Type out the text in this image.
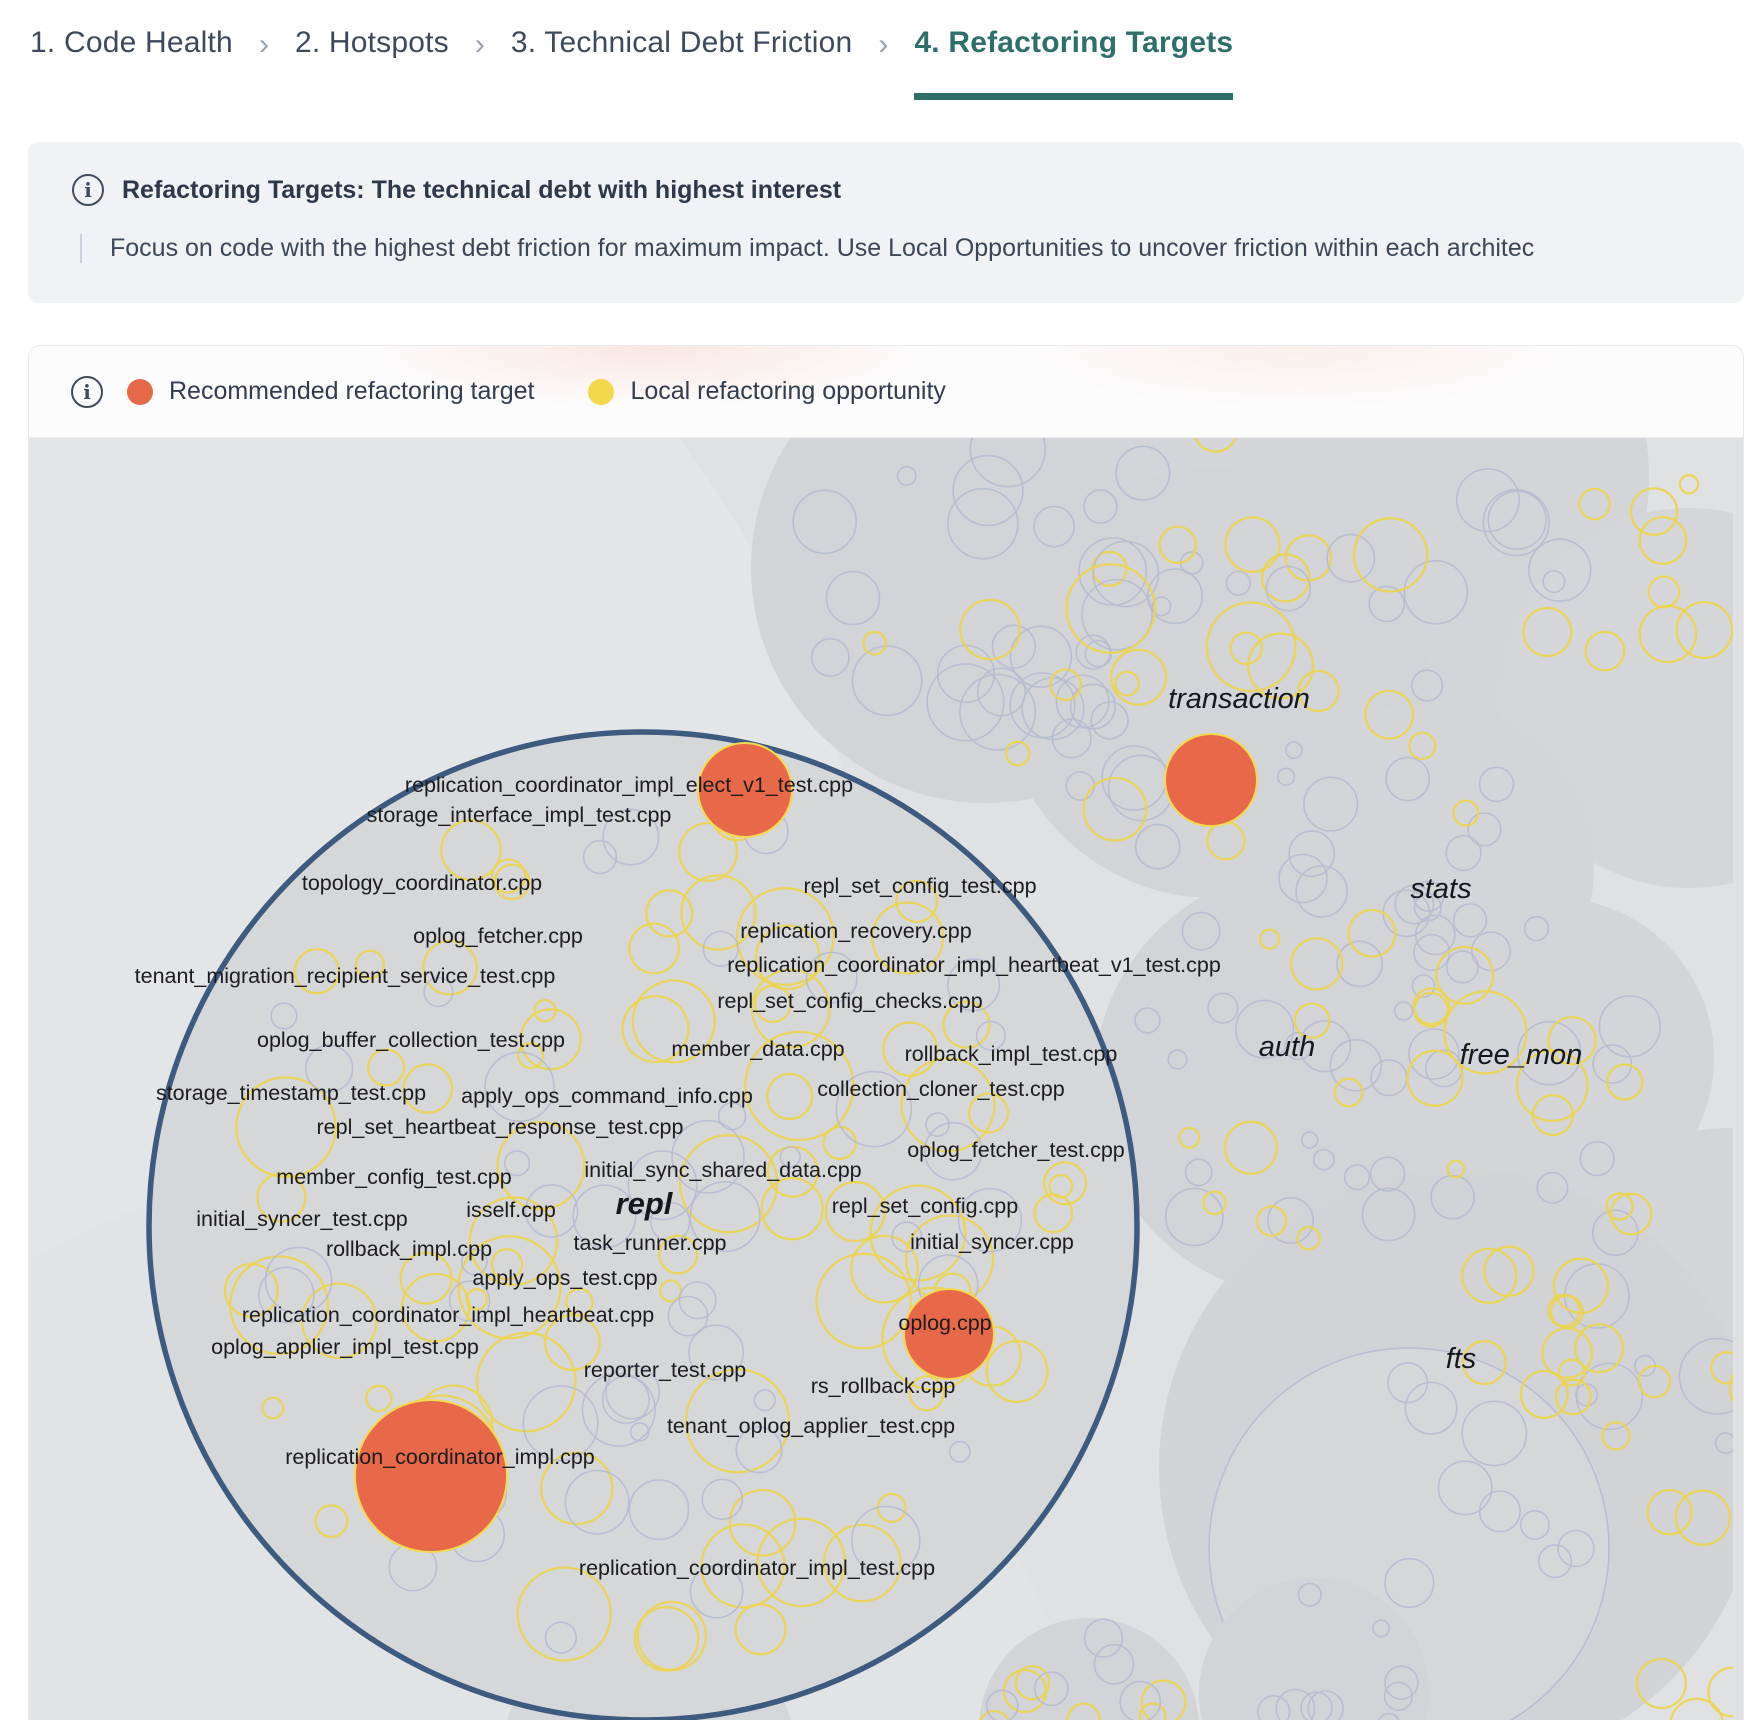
1. Code Health › 2. Hotspots › 3. Technical Debt Friction › 4. Refactoring Targets
i	Refactoring Targets: The technical debt with highest interest
Focus on code with the highest debt friction for maximum impact. Use Local Opportunities to uncover friction within each architec
i	Recommended refactoring target	Local refactoring opportunity
replication_coordinator_impl_elect_v1_test.cpp
storage_interface_impl_test.cpp
topology_coordinator.cpp	repl_set_config_test.cpp
oplog_fetcher.cpp	replication_recovery.cpp
tenant_migration_recipient_service_test.cpp	replication_coordinator_impl_heartbeat_v1_test.cpp
repl_set_config_checks.cpp
oplog_buffer_collection_test.cpp	member_data.cpp	rollback_impl_test.cpp
storage_timestamp_test.cpp apply_ops_command_info.cpp	collection_cloner_test.cpp
repl_set_heartbeat_response_test.cpp
oplog_fetcher_test.cpp
member_config_test.cpp	initial_sync_shared_data.cpp
initial_syncer_test.cpp	isself.cpp	repl_set_config.cpp
rollback_impl.cpp	task_runner.cpp	initial_syncer.cpp
apply_ops_test.cpp
replication_coordinator_impl_heartbeat.cpp	oplog.cpp
oplog_applier_impl_test.cpp
reporter_test.cpp
rs_rollback.cpp
tenant_oplog_applier_test.cpp
replication_coordinator_impl.cpp
replication_coordinator_impl_test.cpp
repl
transaction
stats
auth	free_mon
fts
